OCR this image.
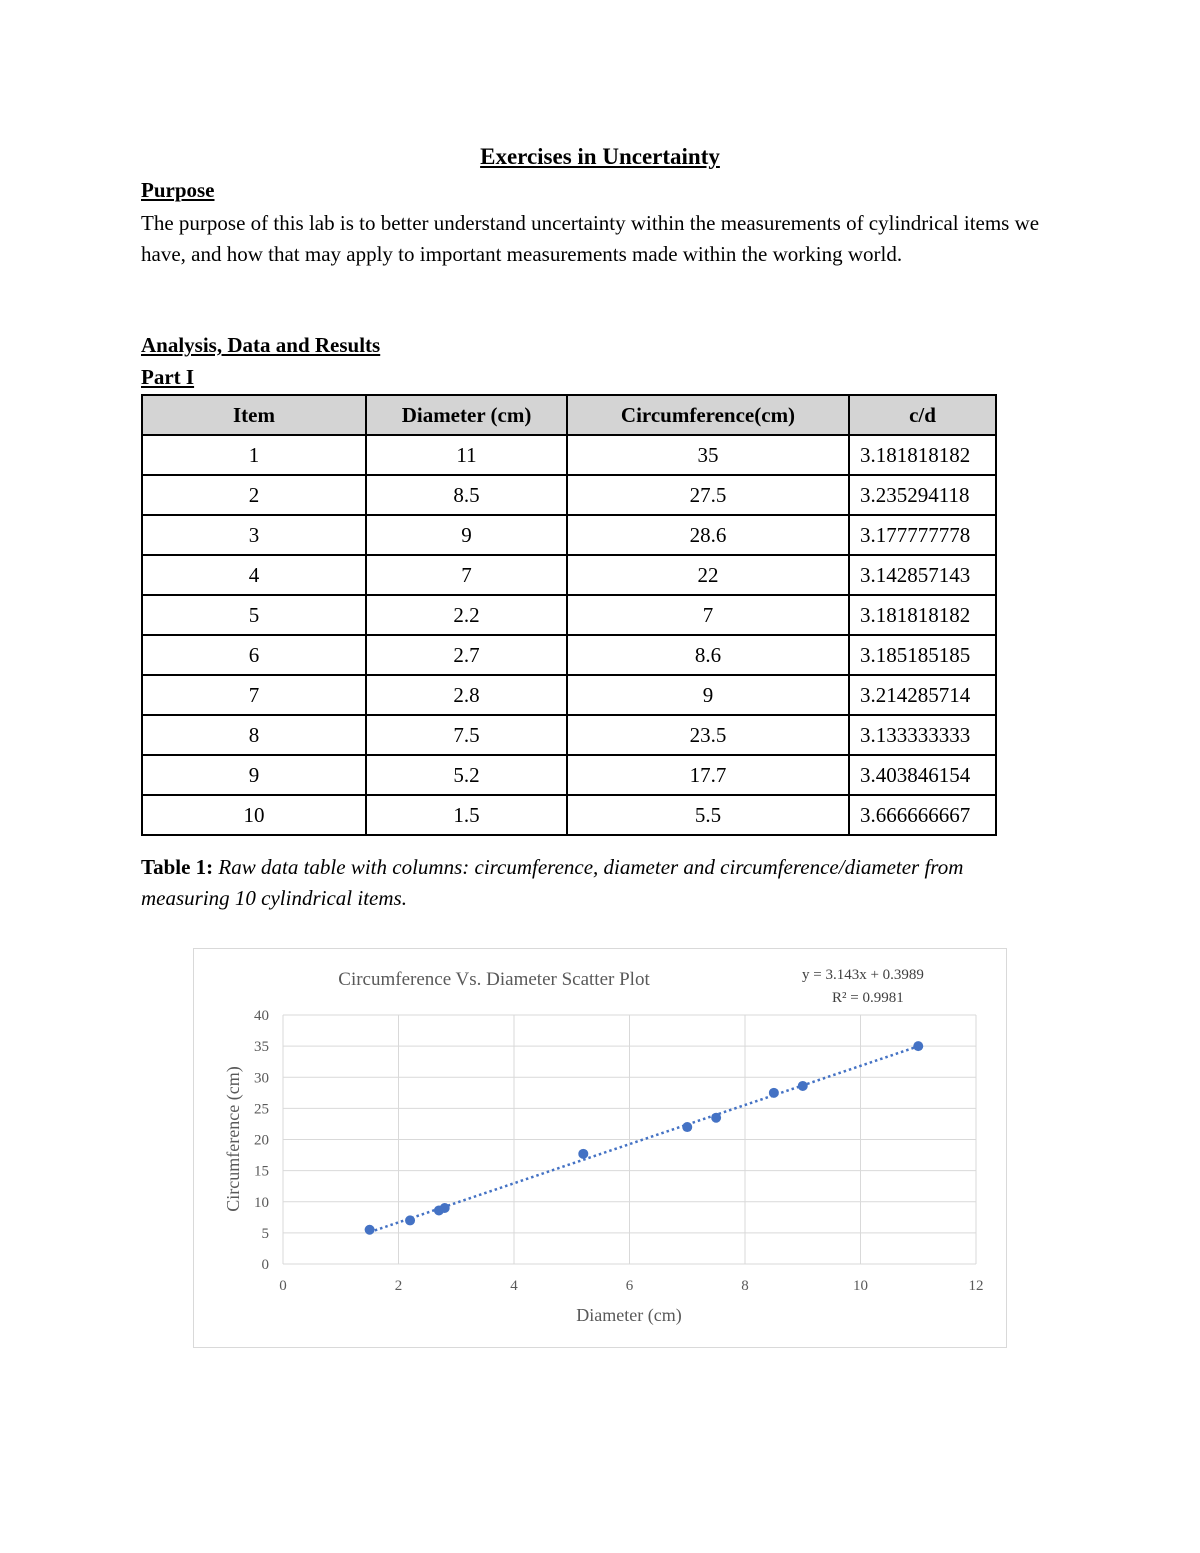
Exercises in Uncertainty
Purpose

The purpose of this lab is to better understand uncertainty within the measurements of cylindrical items we have, and how that may apply to important measurements made within the working world.

Analysis, Data and Results
Part I
Item	Diameter (cm)	Circumference(cm)	c/d
1	11	35	3.181818182
2	8.5	27.5	3.235294118
3	9	28.6	3.177777778
4	7	22	3.142857143
5	2.2	7	3.181818182
6	2.7	8.6	3.185185185
7	2.8	9	3.214285714
8	7.5	23.5	3.133333333
9	5.2	17.7	3.403846154
10	1.5	5.5	3.666666667

Table 1: Raw data table with columns: circumference, diameter and circumference/diameter from measuring 10 cylindrical items.

Circumference Vs. Diameter Scatter Plot	y = 3.143x + 0.3989
R² = 0.9981
Diameter (cm)
Circumference (cm)
0
5
10
15
20
25
30
35
40
0	2	4	6	8	10	12
